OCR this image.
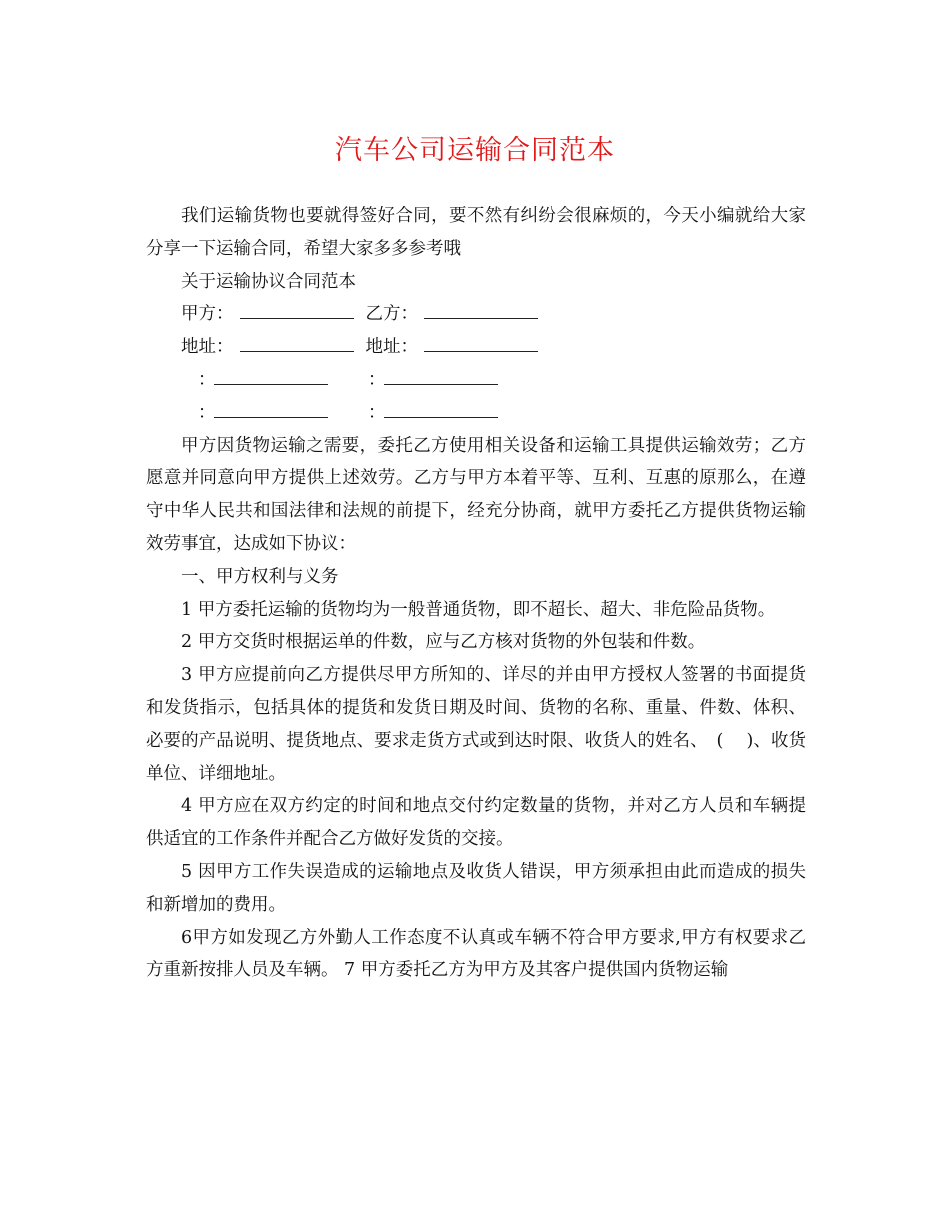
汽车公司运输合同范本

我们运输货物也要就得签好合同，要不然有纠纷会很麻烦的，今天小编就给大家分享一下运输合同，希望大家多多参考哦

关于运输协议合同范本

甲方：	乙方：
地址：	地址：
：	：
：	：

甲方因货物运输之需要，委托乙方使用相关设备和运输工具提供运输效劳；乙方愿意并同意向甲方提供上述效劳。乙方与甲方本着平等、互利、互惠的原那么，在遵守中华人民共和国法律和法规的前提下，经充分协商，就甲方委托乙方提供货物运输效劳事宜，达成如下协议：

一、甲方权利与义务

1 甲方委托运输的货物均为一般普通货物，即不超长、超大、非危险品货物。

2 甲方交货时根据运单的件数，应与乙方核对货物的外包装和件数。

3 甲方应提前向乙方提供尽甲方所知的、详尽的并由甲方授权人签署的书面提货和发货指示，包括具体的提货和发货日期及时间、货物的名称、重量、件数、体积、必要的产品说明、提货地点、要求走货方式或到达时限、收货人的姓名、　(　 )、收货单位、详细地址。

4 甲方应在双方约定的时间和地点交付约定数量的货物，并对乙方人员和车辆提供适宜的工作条件并配合乙方做好发货的交接。

5 因甲方工作失误造成的运输地点及收货人错误，甲方须承担由此而造成的损失和新增加的费用。

6甲方如发现乙方外勤人工作态度不认真或车辆不符合甲方要求,甲方有权要求乙方重新按排人员及车辆。 7 甲方委托乙方为甲方及其客户提供国内货物运输
